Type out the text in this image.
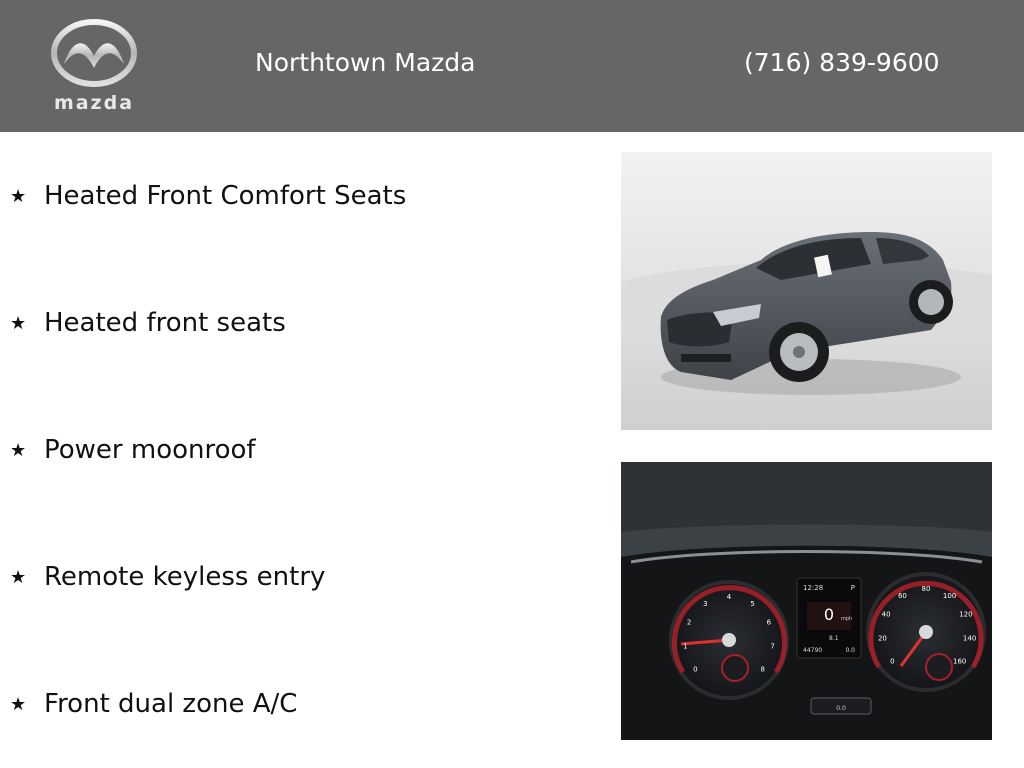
mazda
Northtown Mazda	(716) 839-9600
★ Heated Front Comfort Seats
★ Heated front seats
★ Power moonroof
★ Remote keyless entry
★ Front dual zone A/C
12:28	P
0 mph
8.1
44790	0.0
0.0
0
1
2
3
4
5
6
7
8
0
20
40
60
80
100
120
140
160
